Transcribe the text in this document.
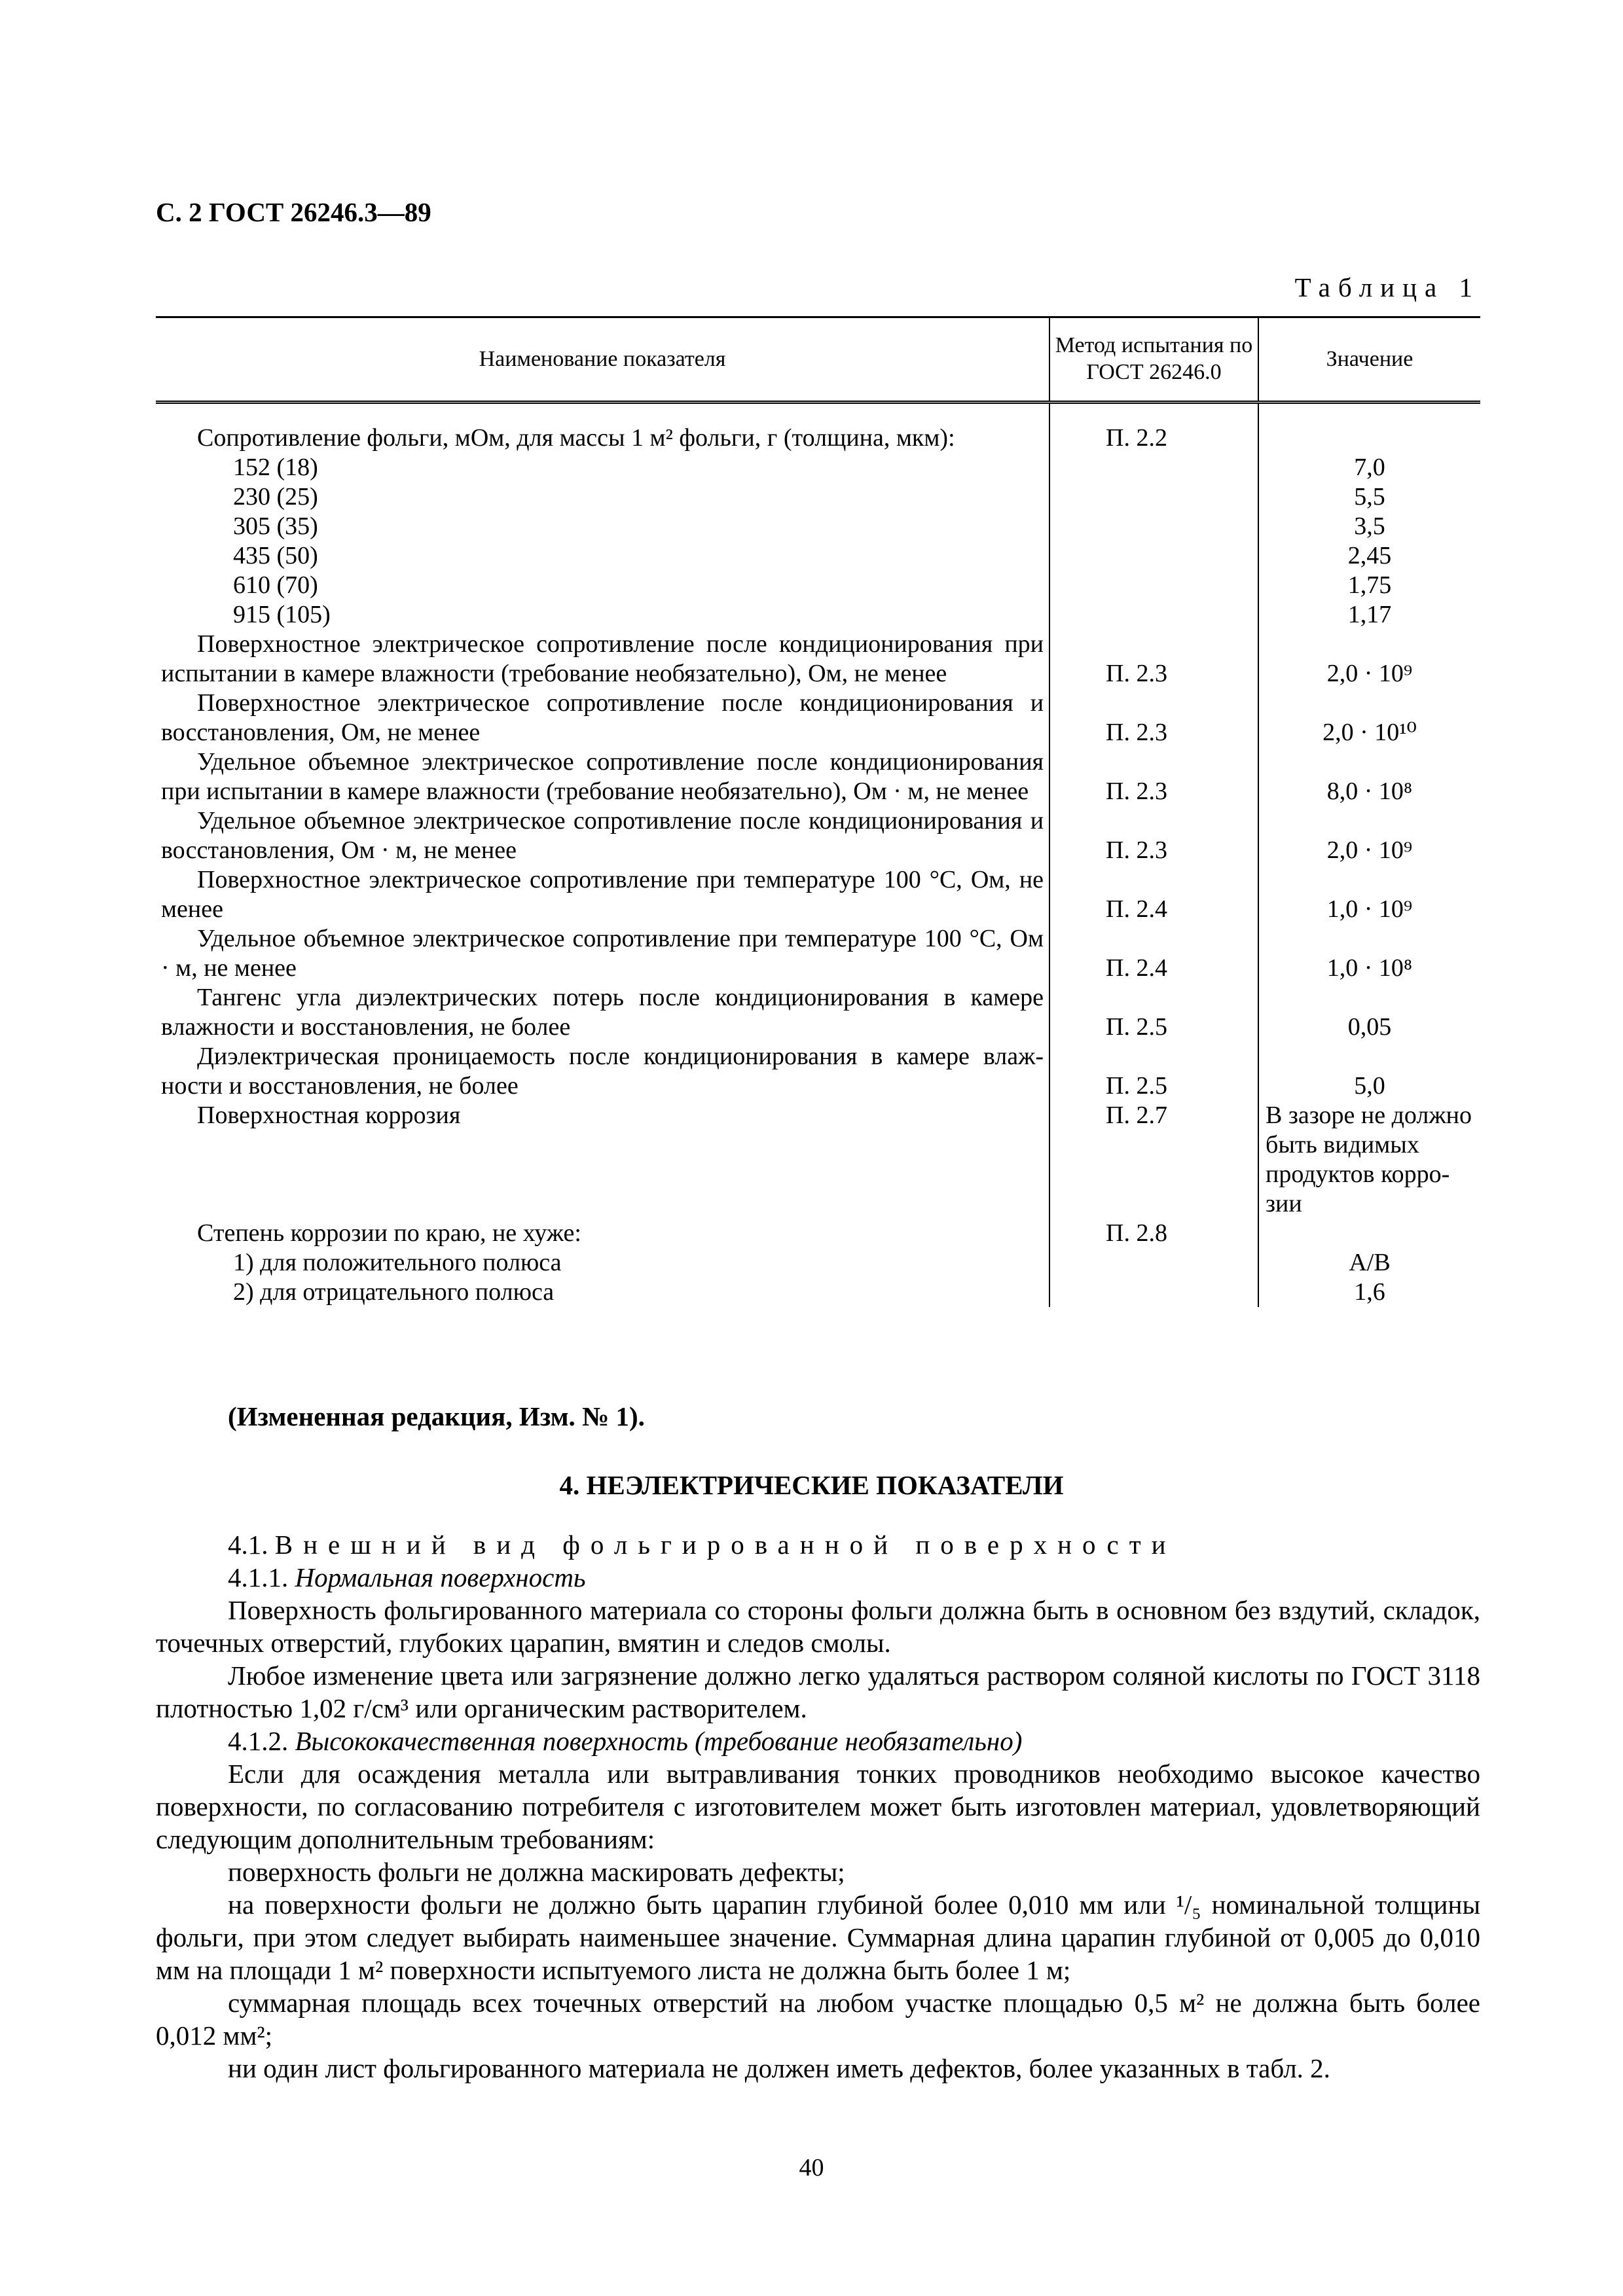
С. 2 ГОСТ 26246.3—89
Таблица 1
Наименование показателя	Метод испытания по ГОСТ 26246.0	Значение
Сопротивление фольги, мОм, для массы 1 м² фольги, г (толщина, мкм):	П. 2.2	
152 (18)		7,0
230 (25)		5,5
305 (35)		3,5
435 (50)		2,45
610 (70)		1,75
915 (105)		1,17
Поверхностное электрическое сопротивление после кондиционирования при испытании в камере влажности (требование необязательно), Ом, не менее	П. 2.3	2,0 · 10⁹
Поверхностное электрическое сопротивление после кондиционирования и восстановления, Ом, не менее	П. 2.3	2,0 · 10¹⁰
Удельное объемное электрическое сопротивление после кондиционирования при испытании в камере влажности (требование необязательно), Ом · м, не менее	П. 2.3	8,0 · 10⁸
Удельное объемное электрическое сопротивление после кондиционирования и восстановления, Ом · м, не менее	П. 2.3	2,0 · 10⁹
Поверхностное электрическое сопротивление при температуре 100 °С, Ом, не менее	П. 2.4	1,0 · 10⁹
Удельное объемное электрическое сопротивление при температуре 100 °С, Ом · м, не менее	П. 2.4	1,0 · 10⁸
Тангенс угла диэлектрических потерь после кондиционирования в камере влажности и восстановления, не более	П. 2.5	0,05
Диэлектрическая проницаемость после кондиционирования в камере влажности и восстановления, не более	П. 2.5	5,0
Поверхностная коррозия	П. 2.7	В зазоре не должно быть видимых продуктов коррозии
Степень коррозии по краю, не хуже:	П. 2.8	
1) для положительного полюса		А/В
2) для отрицательного полюса		1,6
(Измененная редакция, Изм. № 1).
4. НЕЭЛЕКТРИЧЕСКИЕ ПОКАЗАТЕЛИ

4.1. Внешний вид фольгированной поверхности

4.1.1. Нормальная поверхность

Поверхность фольгированного материала со стороны фольги должна быть в основном без вздутий, складок, точечных отверстий, глубоких царапин, вмятин и следов смолы.

Любое изменение цвета или загрязнение должно легко удаляться раствором соляной кислоты по ГОСТ 3118 плотностью 1,02 г/см³ или органическим растворителем.

4.1.2. Высококачественная поверхность (требование необязательно)

Если для осаждения металла или вытравливания тонких проводников необходимо высокое качество поверхности, по согласованию потребителя с изготовителем может быть изготовлен материал, удовлетворяющий следующим дополнительным требованиям:

поверхность фольги не должна маскировать дефекты;

на поверхности фольги не должно быть царапин глубиной более 0,010 мм или ¹/₅ номинальной толщины фольги, при этом следует выбирать наименьшее значение. Суммарная длина царапин глубиной от 0,005 до 0,010 мм на площади 1 м² поверхности испытуемого листа не должна быть более 1 м;

суммарная площадь всех точечных отверстий на любом участке площадью 0,5 м² не должна быть более 0,012 мм²;

ни один лист фольгированного материала не должен иметь дефектов, более указанных в табл. 2.

40
